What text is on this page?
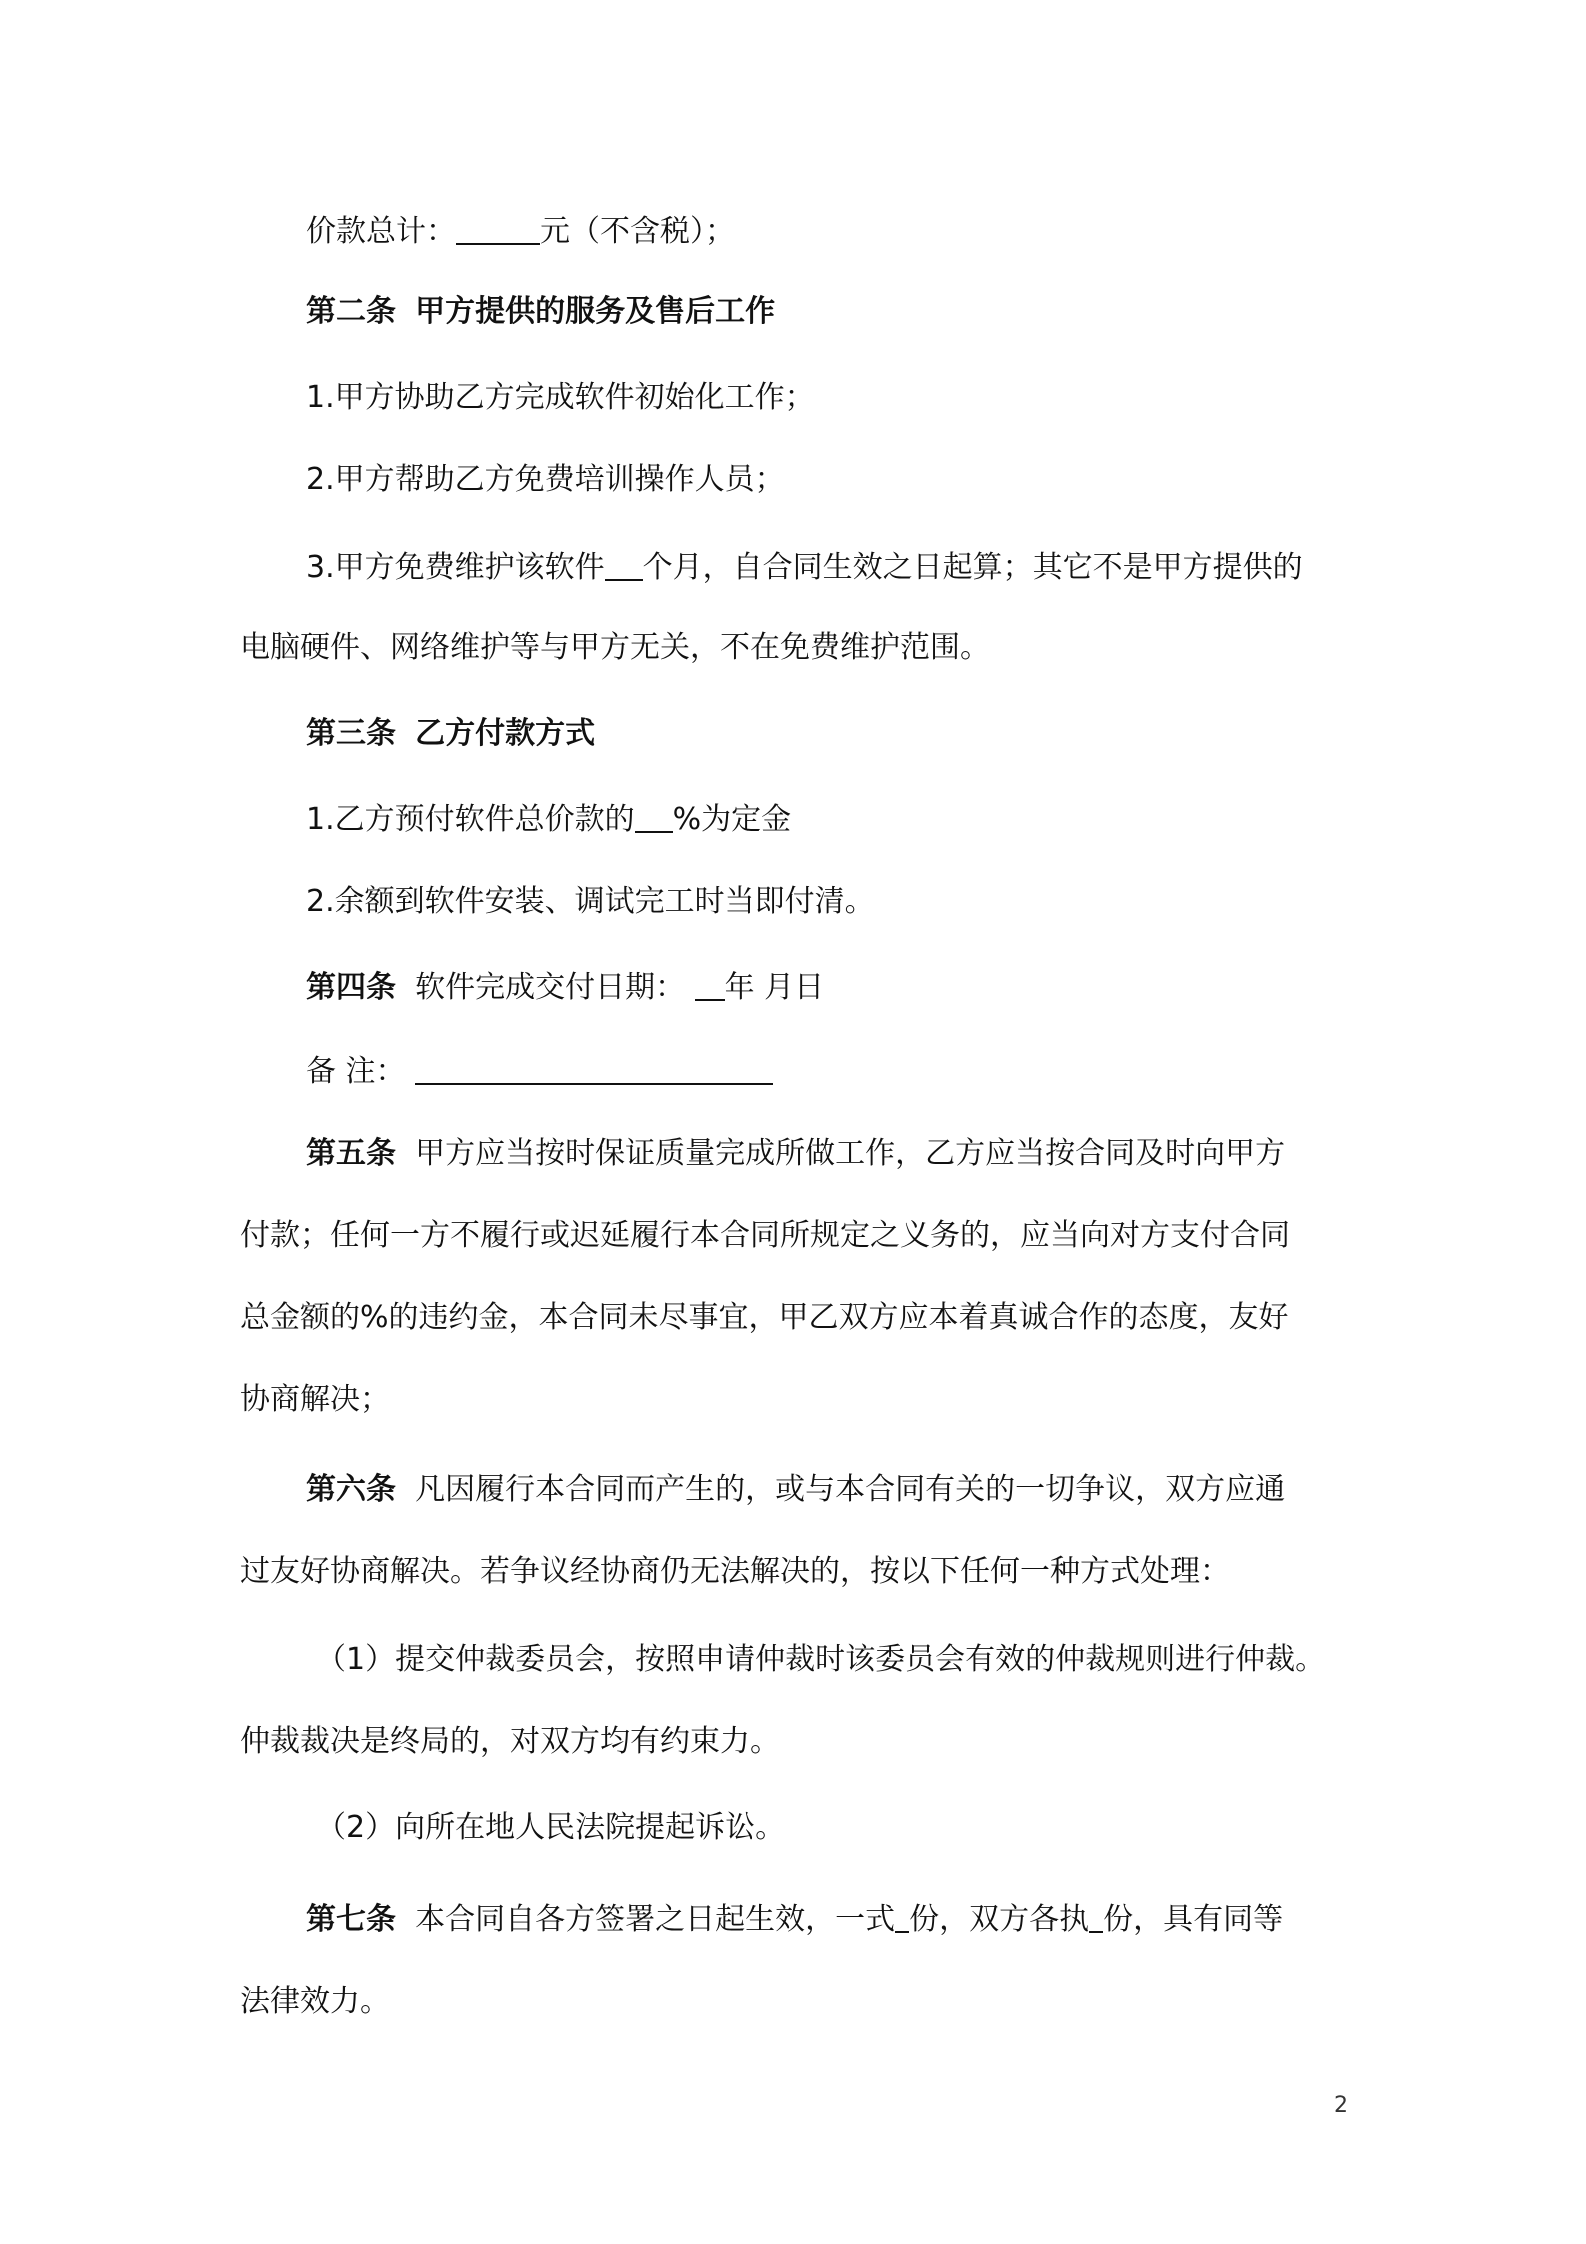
价款总计：	元（不含税）；
第二条 甲方提供的服务及售后工作
1.甲方协助乙方完成软件初始化工作；
2.甲方帮助乙方免费培训操作人员；
3.甲方免费维护该软件 个月，自合同生效之日起算；其它不是甲方提供的
电脑硬件、网络维护等与甲方无关，不在免费维护范围。
第三条 乙方付款方式
1.乙方预付软件总价款的 %为定金
2.余额到软件安装、调试完工时当即付清。
第四条 软件完成交付日期： 年 月日
备 注：
第五条 甲方应当按时保证质量完成所做工作，乙方应当按合同及时向甲方
付款；任何一方不履行或迟延履行本合同所规定之义务的，应当向对方支付合同
总金额的%的违约金，本合同未尽事宜，甲乙双方应本着真诚合作的态度，友好
协商解决；
第六条 凡因履行本合同而产生的，或与本合同有关的一切争议，双方应通
过友好协商解决。若争议经协商仍无法解决的，按以下任何一种方式处理：
（1）提交仲裁委员会，按照申请仲裁时该委员会有效的仲裁规则进行仲裁。
仲裁裁决是终局的，对双方均有约束力。
（2）向所在地人民法院提起诉讼。
第七条 本合同自各方签署之日起生效，一式 份，双方各执 份，具有同等
法律效力。
2
